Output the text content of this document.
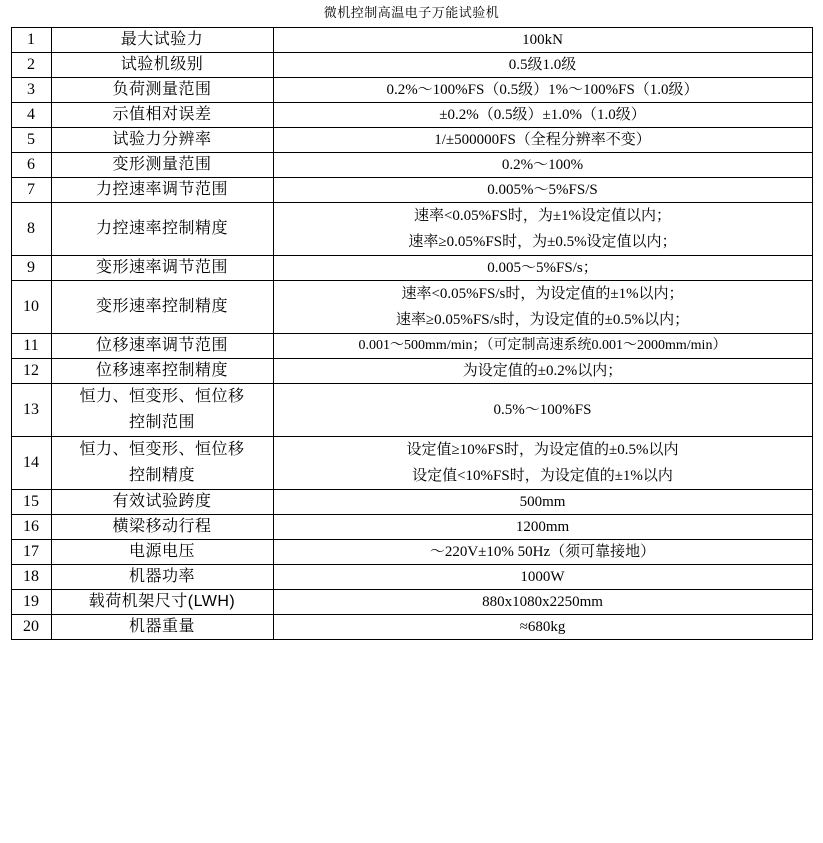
微机控制高温电子万能试验机
1	最大试验力	100kN

2	试验机级别	0.5级1.0级

3	负荷测量范围	0.2%～100%FS（0.5级）1%～100%FS（1.0级）

4	示值相对误差	±0.2%（0.5级）±1.0%（1.0级）

5	试验力分辨率	1/±500000FS（全程分辨率不变）

6	变形测量范围	0.2%～100%

7	力控速率调节范围	0.005%～5%FS/S

8	力控速率控制精度	速率<0.05%FS时，为±1%设定值以内；
速率≥0.05%FS时，为±0.5%设定值以内；

9	变形速率调节范围	0.005～5%FS/s；

10	变形速率控制精度	速率<0.05%FS/s时，为设定值的±1%以内；
速率≥0.05%FS/s时，为设定值的±0.5%以内；

11	位移速率调节范围	0.001～500mm/min；（可定制高速系统0.001～2000mm/min）

12	位移速率控制精度	为设定值的±0.2%以内；

13	恒力、恒变形、恒位移
控制范围	0.5%～100%FS

14	恒力、恒变形、恒位移
控制精度	设定值≥10%FS时，为设定值的±0.5%以内
设定值<10%FS时，为设定值的±1%以内

15	有效试验跨度	500mm

16	横梁移动行程	1200mm

17	电源电压	～220V±10% 50Hz（须可靠接地）

18	机器功率	1000W

19	载荷机架尺寸(LWH)	880x1080x2250mm

20	机器重量	≈680kg
